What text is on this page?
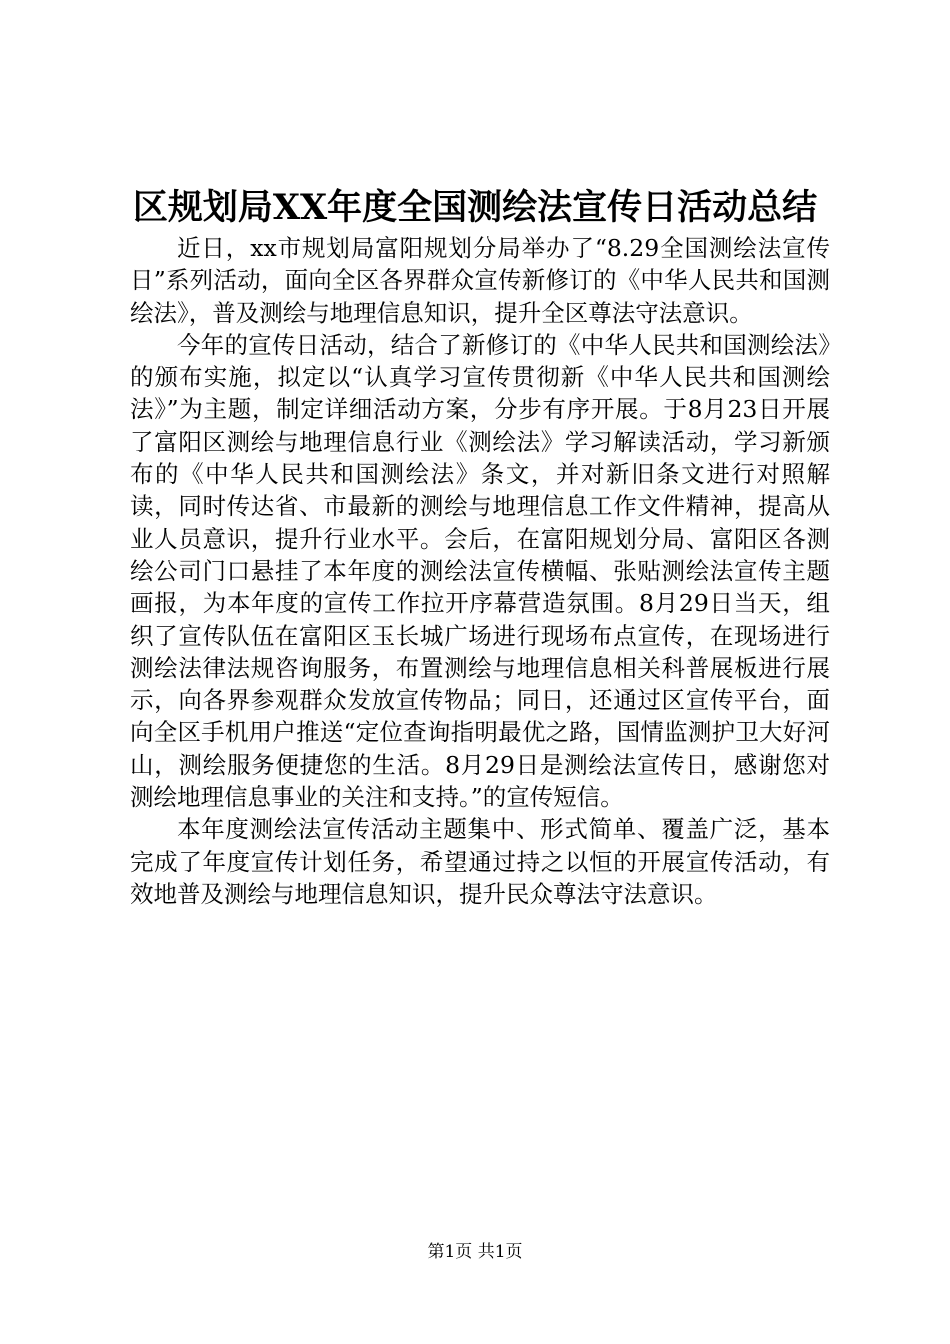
区规划局XX年度全国测绘法宣传日活动总结

近日，xx市规划局富阳规划分局举办了“8.29全国测绘法宣传日”系列活动，面向全区各界群众宣传新修订的《中华人民共和国测绘法》，普及测绘与地理信息知识，提升全区尊法守法意识。

今年的宣传日活动，结合了新修订的《中华人民共和国测绘法》的颁布实施，拟定以“认真学习宣传贯彻新《中华人民共和国测绘法》”为主题，制定详细活动方案，分步有序开展。于8月23日开展了富阳区测绘与地理信息行业《测绘法》学习解读活动，学习新颁布的《中华人民共和国测绘法》条文，并对新旧条文进行对照解读，同时传达省、市最新的测绘与地理信息工作文件精神，提高从业人员意识，提升行业水平。会后，在富阳规划分局、富阳区各测绘公司门口悬挂了本年度的测绘法宣传横幅、张贴测绘法宣传主题画报，为本年度的宣传工作拉开序幕营造氛围。8月29日当天，组织了宣传队伍在富阳区玉长城广场进行现场布点宣传，在现场进行测绘法律法规咨询服务，布置测绘与地理信息相关科普展板进行展示，向各界参观群众发放宣传物品；同日，还通过区宣传平台，面向全区手机用户推送“定位查询指明最优之路，国情监测护卫大好河山，测绘服务便捷您的生活。8月29日是测绘法宣传日，感谢您对测绘地理信息事业的关注和支持。”的宣传短信。

本年度测绘法宣传活动主题集中、形式简单、覆盖广泛，基本完成了年度宣传计划任务，希望通过持之以恒的开展宣传活动，有效地普及测绘与地理信息知识，提升民众尊法守法意识。

第1页 共1页
